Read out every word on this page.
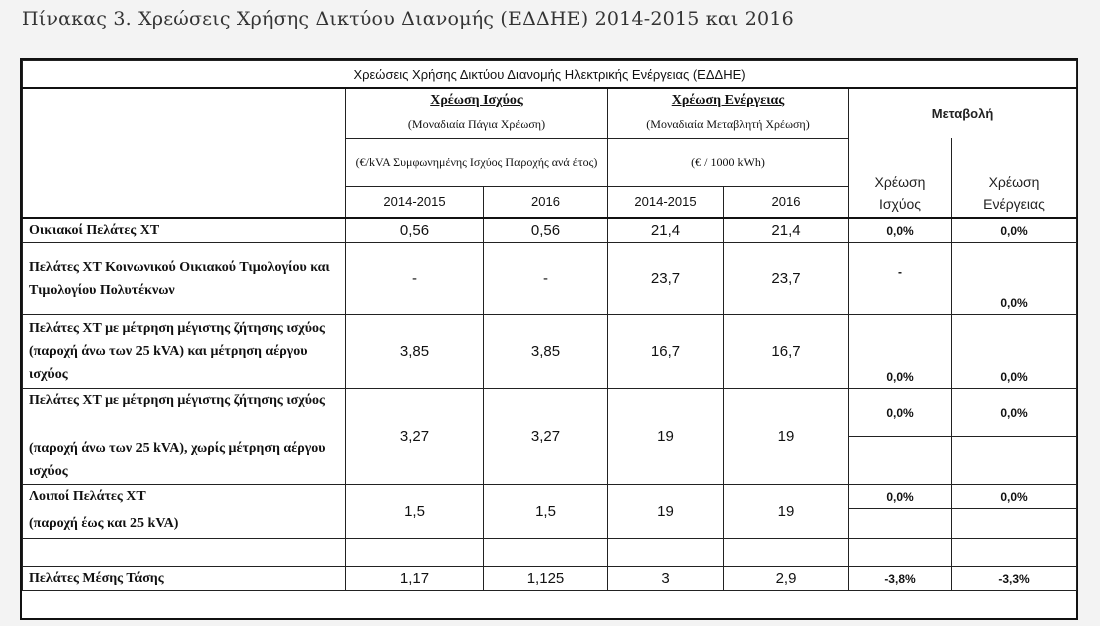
Πίνακας 3. Χρεώσεις Χρήσης Δικτύου Διανομής (ΕΔΔΗΕ) 2014-2015 και 2016
Χρεώσεις Χρήσης Δικτύου Διανομής Ηλεκτρικής Ενέργειας (ΕΔΔΗΕ)						
	Χρέωση Ισχύος		Χρέωση Ενέργειας		Μεταβολή	
	(Μοναδιαία Πάγια Χρέωση)		(Μοναδιαία Μεταβλητή Χρέωση)			
	(€/kVA Συμφωνημένης Ισχύος Παροχής ανά έτος)		(€ / 1000 kWh)		Χρέωση Ισχύος	Χρέωση Ενέργειας
	2014-2015	2016	2014-2015	2016		
Οικιακοί Πελάτες ΧΤ	0,56	0,56	21,4	21,4	0,0%	0,0%
Πελάτες ΧΤ Κοινωνικού Οικιακού Τιμολογίου και Τιμολογίου Πολυτέκνων	-	-	23,7	23,7	-	0,0%
Πελάτες ΧΤ με μέτρηση μέγιστης ζήτησης ισχύος (παροχή άνω των 25 kVA) και μέτρηση αέργου ισχύος	3,85	3,85	16,7	16,7	0,0%	0,0%
Πελάτες ΧΤ με μέτρηση μέγιστης ζήτησης ισχύος	3,27	3,27	19	19	0,0%	0,0%
(παροχή άνω των 25 kVA), χωρίς μέτρηση αέργου ισχύος						
Λοιποί Πελάτες ΧΤ	1,5	1,5	19	19	0,0%	0,0%
(παροχή έως και 25 kVA)						

Πελάτες Μέσης Τάσης	1,17	1,125	3	2,9	-3,8%	-3,3%
